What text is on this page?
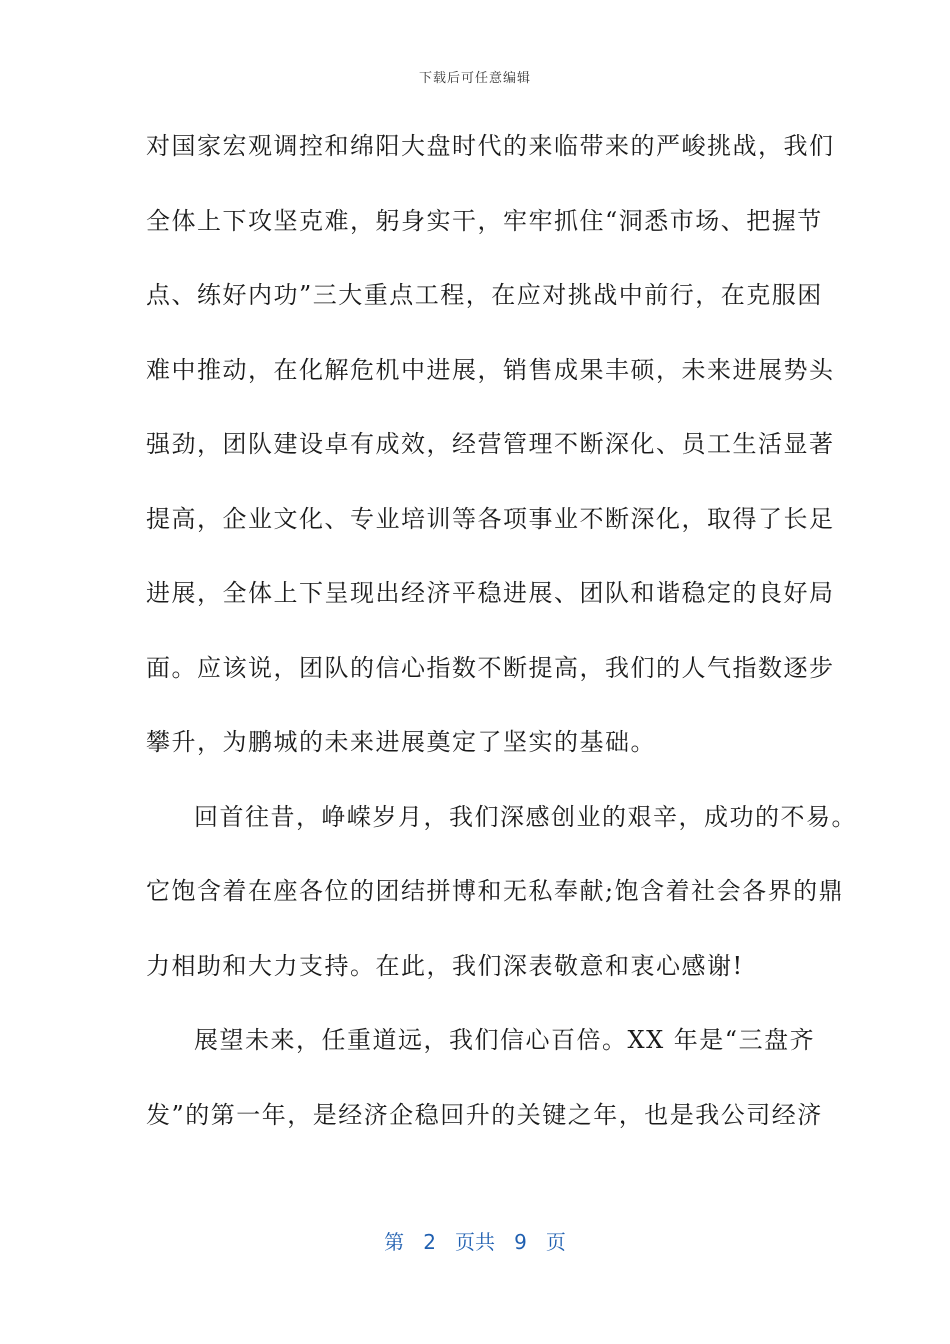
下载后可任意编辑
对国家宏观调控和绵阳大盘时代的来临带来的严峻挑战，我们
全体上下攻坚克难，躬身实干，牢牢抓住“洞悉市场、把握节
点、练好内功”三大重点工程，在应对挑战中前行，在克服困
难中推动，在化解危机中进展，销售成果丰硕，未来进展势头
强劲，团队建设卓有成效，经营管理不断深化、员工生活显著
提高，企业文化、专业培训等各项事业不断深化，取得了长足
进展，全体上下呈现出经济平稳进展、团队和谐稳定的良好局
面。应该说，团队的信心指数不断提高，我们的人气指数逐步
攀升，为鹏城的未来进展奠定了坚实的基础。
回首往昔，峥嵘岁月，我们深感创业的艰辛，成功的不易。
它饱含着在座各位的团结拼博和无私奉献;饱含着社会各界的鼎
力相助和大力支持。在此，我们深表敬意和衷心感谢!
展望未来，任重道远，我们信心百倍。XX 年是“三盘齐
发”的第一年，是经济企稳回升的关键之年，也是我公司经济
第 2 页共 9 页
